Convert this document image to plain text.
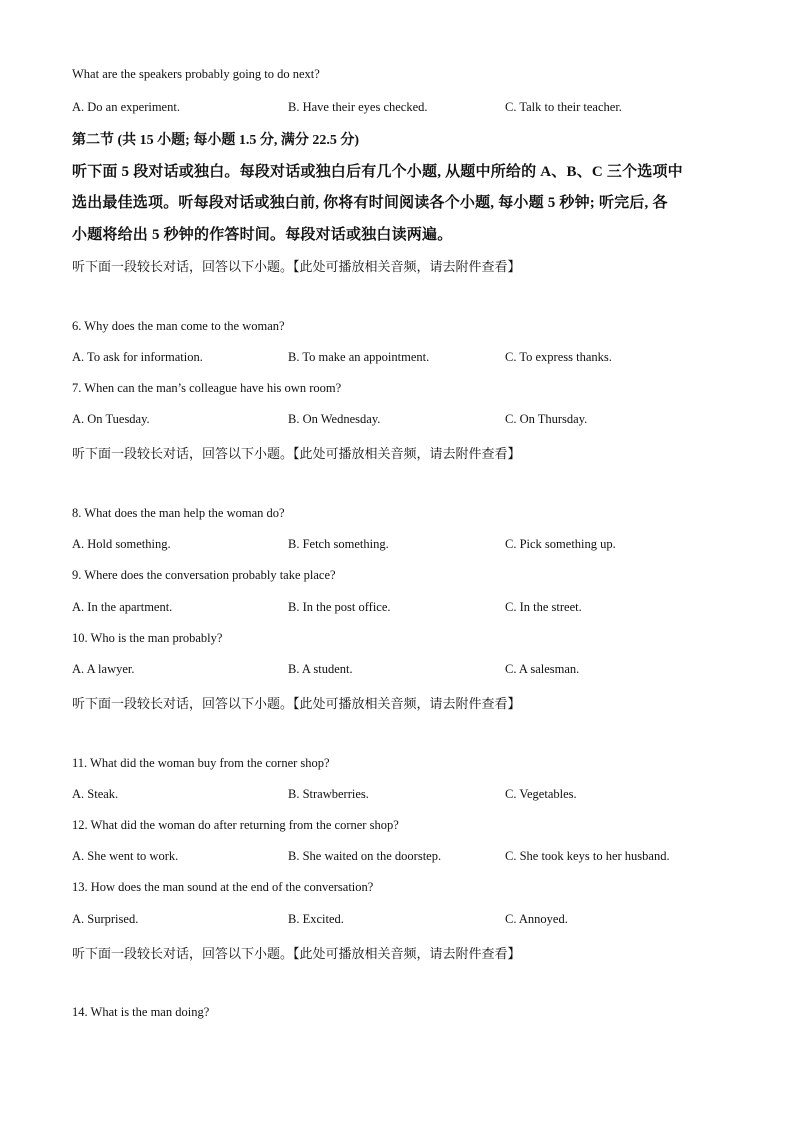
What are the speakers probably going to do next?
A. Do an experiment.	B. Have their eyes checked.	C. Talk to their teacher.
第二节 (共 15 小题; 每小题 1.5 分, 满分 22.5 分)
听下面 5 段对话或独白。每段对话或独白后有几个小题, 从题中所给的 A、B、C 三个选项中
选出最佳选项。听每段对话或独白前, 你将有时间阅读各个小题, 每小题 5 秒钟; 听完后, 各
小题将给出 5 秒钟的作答时间。每段对话或独白读两遍。
听下面一段较长对话，回答以下小题。【此处可播放相关音频，请去附件查看】
6. Why does the man come to the woman?
A. To ask for information.	B. To make an appointment.	C. To express thanks.
7. When can the man’s colleague have his own room?
A. On Tuesday.	B. On Wednesday.	C. On Thursday.
听下面一段较长对话，回答以下小题。【此处可播放相关音频，请去附件查看】
8. What does the man help the woman do?
A. Hold something.	B. Fetch something.	C. Pick something up.
9. Where does the conversation probably take place?
A. In the apartment.	B. In the post office.	C. In the street.
10. Who is the man probably?
A. A lawyer.	B. A student.	C. A salesman.
听下面一段较长对话，回答以下小题。【此处可播放相关音频，请去附件查看】
11. What did the woman buy from the corner shop?
A. Steak.	B. Strawberries.	C. Vegetables.
12. What did the woman do after returning from the corner shop?
A. She went to work.	B. She waited on the doorstep.	C. She took keys to her husband.
13. How does the man sound at the end of the conversation?
A. Surprised.	B. Excited.	C. Annoyed.
听下面一段较长对话，回答以下小题。【此处可播放相关音频，请去附件查看】
14. What is the man doing?
